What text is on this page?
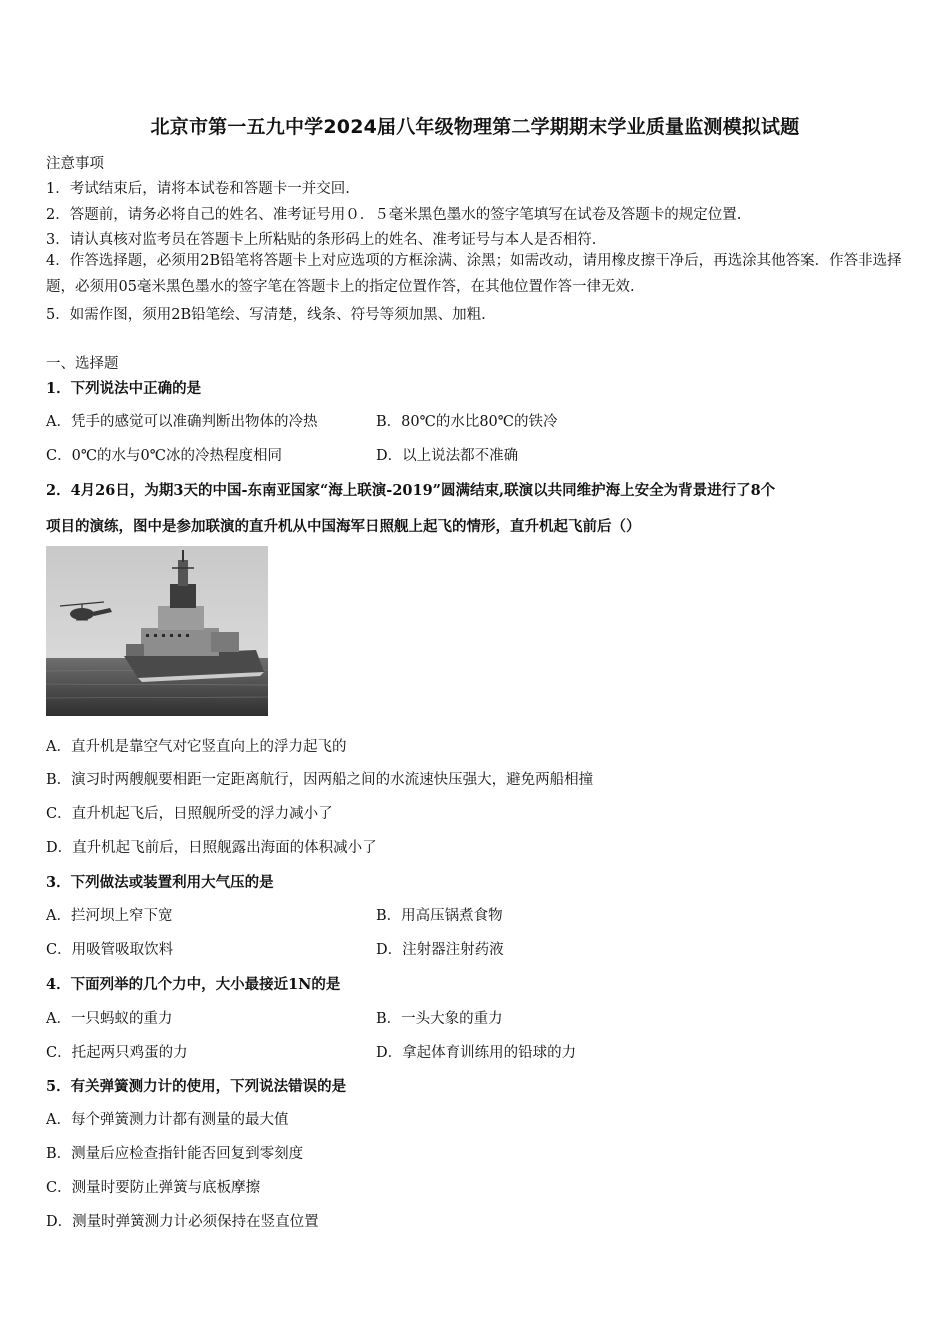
北京市第一五九中学2024届八年级物理第二学期期末学业质量监测模拟试题
注意事项
1．考试结束后，请将本试卷和答题卡一并交回.
2．答题前，请务必将自己的姓名、准考证号用０．５毫米黑色墨水的签字笔填写在试卷及答题卡的规定位置.
3．请认真核对监考员在答题卡上所粘贴的条形码上的姓名、准考证号与本人是否相符.
4．作答选择题，必须用2B铅笔将答题卡上对应选项的方框涂满、涂黑；如需改动，请用橡皮擦干净后，再选涂其他答案．作答非选择题，必须用05毫米黑色墨水的签字笔在答题卡上的指定位置作答，在其他位置作答一律无效.
5．如需作图，须用2B铅笔绘、写清楚，线条、符号等须加黑、加粗.
一、选择题
1．下列说法中正确的是
A．凭手的感觉可以准确判断出物体的冷热	B．80℃的水比80℃的铁冷
C．0℃的水与0℃冰的冷热程度相同	D．以上说法都不准确
2．4月26日，为期3天的中国-东南亚国家“海上联演-2019”圆满结束,联演以共同维护海上安全为背景进行了8个
项目的演练，图中是参加联演的直升机从中国海军日照舰上起飞的情形，直升机起飞前后（）
A．直升机是靠空气对它竖直向上的浮力起飞的
B．演习时两艘舰要相距一定距离航行，因两船之间的水流速快压强大，避免两船相撞
C．直升机起飞后，日照舰所受的浮力减小了
D．直升机起飞前后，日照舰露出海面的体积减小了
3．下列做法或装置利用大气压的是
A．拦河坝上窄下宽	B．用高压锅煮食物
C．用吸管吸取饮料	D．注射器注射药液
4．下面列举的几个力中，大小最接近1N的是
A．一只蚂蚁的重力	B．一头大象的重力
C．托起两只鸡蛋的力	D．拿起体育训练用的铅球的力
5．有关弹簧测力计的使用，下列说法错误的是
A．每个弹簧测力计都有测量的最大值
B．测量后应检查指针能否回复到零刻度
C．测量时要防止弹簧与底板摩擦
D．测量时弹簧测力计必须保持在竖直位置
